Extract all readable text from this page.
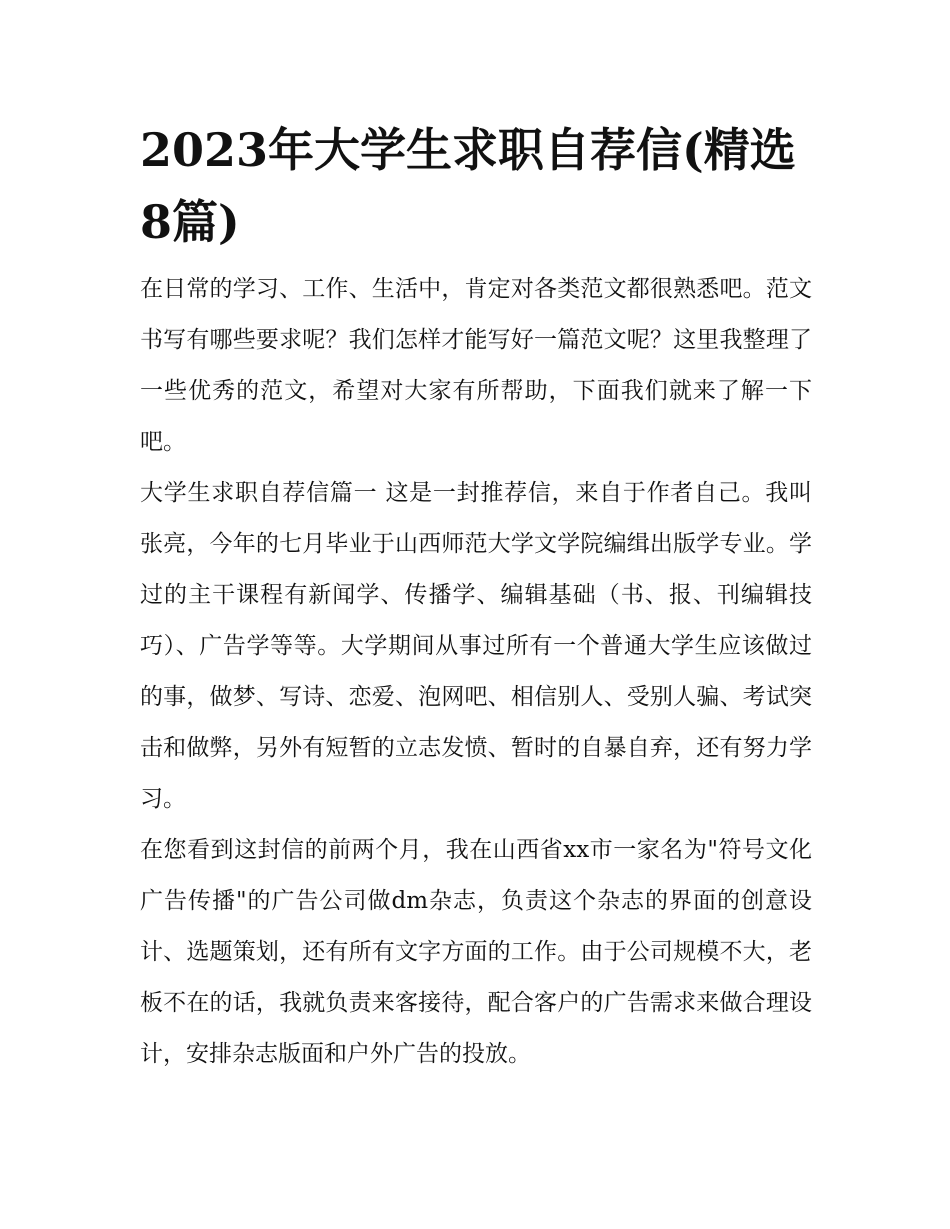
2023年大学生求职自荐信(精选8篇)

在日常的学习、工作、生活中，肯定对各类范文都很熟悉吧。范文书写有哪些要求呢？我们怎样才能写好一篇范文呢？这里我整理了一些优秀的范文，希望对大家有所帮助，下面我们就来了解一下吧。

大学生求职自荐信篇一 这是一封推荐信，来自于作者自己。我叫张亮，今年的七月毕业于山西师范大学文学院编缉出版学专业。学过的主干课程有新闻学、传播学、编辑基础（书、报、刊编辑技巧）、广告学等等。大学期间从事过所有一个普通大学生应该做过的事，做梦、写诗、恋爱、泡网吧、相信别人、受别人骗、考试突击和做弊，另外有短暂的立志发愤、暂时的自暴自弃，还有努力学习。

在您看到这封信的前两个月，我在山西省xx市一家名为"符号文化广告传播"的广告公司做dm杂志，负责这个杂志的界面的创意设计、选题策划，还有所有文字方面的工作。由于公司规模不大，老板不在的话，我就负责来客接待，配合客户的广告需求来做合理设计，安排杂志版面和户外广告的投放。
